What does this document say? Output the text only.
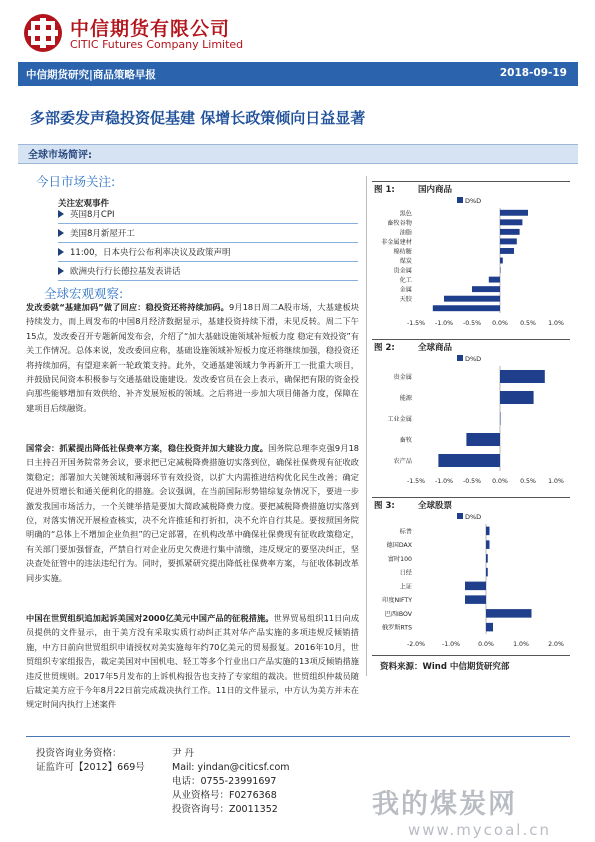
中信期货有限公司
CITIC Futures Company Limited
中信期货研究|商品策略早报	2018-09-19
多部委发声稳投资促基建 保增长政策倾向日益显著
全球市场简评:
今日市场关注:
关注宏观事件
英国8月CPI
美国8月新屋开工
11:00，日本央行公布利率决议及政策声明
欧洲央行行长德拉基发表讲话
全球宏观观察:
发改委就“基建加码”做了回应：稳投资还将持续加码。9月18日周二A股市场，大基建板块持续发力，而上周发布的中国8月经济数据显示，基建投资持续下滑，未见反转。周二下午15点，发改委召开专题新闻发布会，介绍了“加大基础设施领域补短板力度 稳定有效投资”有关工作情况。总体来说，发改委回应称，基础设施领域补短板力度还将继续加强，稳投资还将持续加码，有望迎来新一轮政策支持。此外，交通基建领域力争再新开工一批重大项目，并鼓励民间资本积极参与交通基础设施建设。发改委官员在会上表示，确保把有限的资金投向那些能够增加有效供给、补齐发展短板的领域。之后将进一步加大项目储备力度，保障在建项目后续融资。
国常会：抓紧提出降低社保费率方案，稳住投资并加大建设力度。国务院总理李克强9月18日主持召开国务院常务会议，要求把已定减税降费措施切实落到位，确保社保费现有征收政策稳定；部署加大关键领域和薄弱环节有效投资，以扩大内需推进结构优化民生改善；确定促进外贸增长和通关便利化的措施。会议强调，在当前国际形势错综复杂情况下，要进一步激发我国市场活力，一个关键举措是要加大简政减税降费力度。要把减税降费措施切实落到位，对落实情况开展检查核实，决不允许推延和打折扣，决不允许自行其是。要按照国务院明确的“总体上不增加企业负担”的已定部署，在机构改革中确保社保费现有征收政策稳定，有关部门要加强督查，严禁自行对企业历史欠费进行集中清缴，违反规定的要坚决纠正，坚决查处征管中的违法违纪行为。同时，要抓紧研究提出降低社保费率方案，与征收体制改革同步实施。
中国在世贸组织追加起诉美国对2000亿美元中国产品的征税措施。世界贸易组织11日向成员提供的文件显示，由于美方没有采取实质行动纠正其对华产品实施的多项违规反倾销措施，中方日前向世贸组织申请授权对美实施每年约70亿美元的贸易报复。2016年10月，世贸组织专家组报告，裁定美国对中国机电、轻工等多个行业出口产品实施的13项反倾销措施违反世贸规则。2017年5月发布的上诉机构报告也支持了专家组的裁决。世贸组织仲裁员随后裁定美方应于今年8月22日前完成裁决执行工作。11日的文件显示，中方认为美方并未在规定时间内执行上述案件
图 1:	国内商品
D%D
黑色
畜牧谷物
油脂
非金属建材
棉纺糖
煤炭
贵金属
化工
金属
天胶
-1.5% -1.0% -0.5% 0.0% 0.5% 1.0%
图 2:	全球商品
D%D
贵金属
能源
工业金属
畜牧
农产品
-1.5% -1.0% -0.5% 0.0% 0.5% 1.0%
图 3:	全球股票
D%D
标普
德国DAX
富时100
日经
上证
印度NIFTY
巴西IBOV
俄罗斯RTS
-2.0%	-1.0%	0.0%	1.0%	2.0%
资料来源：Wind 中信期货研究部
投资咨询业务资格：
证监许可【2012】669号
尹 丹
Mail: yindan@citicsf.com
电话：0755-23991697
从业资格号：F0276368
投资咨询号：Z0011352	我的煤炭网
www.mycoal.cn
